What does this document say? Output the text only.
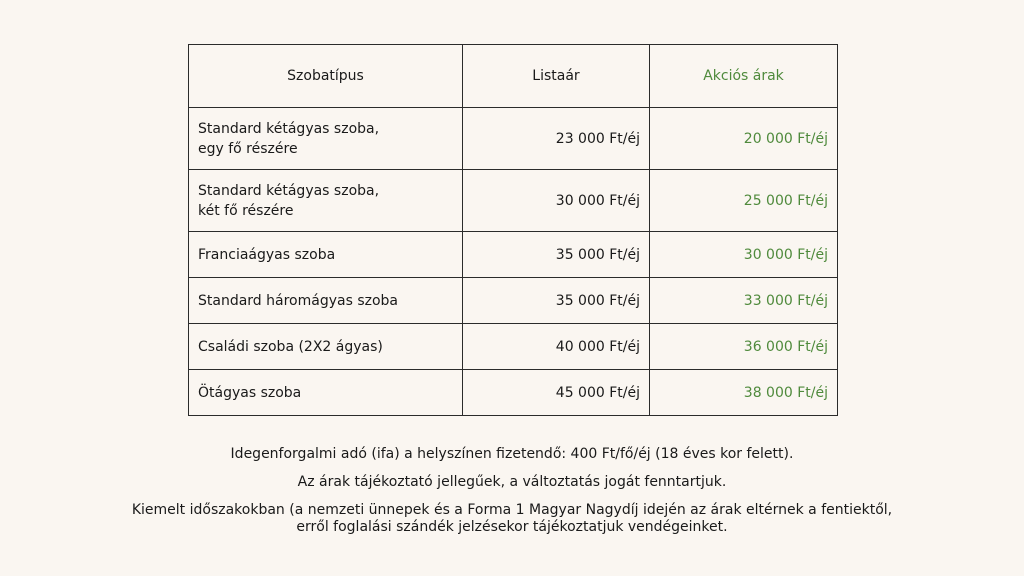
Szobatípus	Listaár	Akciós árak
Standard kétágyas szoba,
egy fő részére	23 000 Ft/éj	20 000 Ft/éj
Standard kétágyas szoba,
két fő részére	30 000 Ft/éj	25 000 Ft/éj
Franciaágyas szoba	35 000 Ft/éj	30 000 Ft/éj
Standard háromágyas szoba	35 000 Ft/éj	33 000 Ft/éj
Családi szoba (2X2 ágyas)	40 000 Ft/éj	36 000 Ft/éj
Ötágyas szoba	45 000 Ft/éj	38 000 Ft/éj

Idegenforgalmi adó (ifa) a helyszínen fizetendő: 400 Ft/fő/éj (18 éves kor felett).

Az árak tájékoztató jellegűek, a változtatás jogát fenntartjuk.

Kiemelt időszakokban (a nemzeti ünnepek és a Forma 1 Magyar Nagydíj idején az árak eltérnek a fentiektől,
erről foglalási szándék jelzésekor tájékoztatjuk vendégeinket.
